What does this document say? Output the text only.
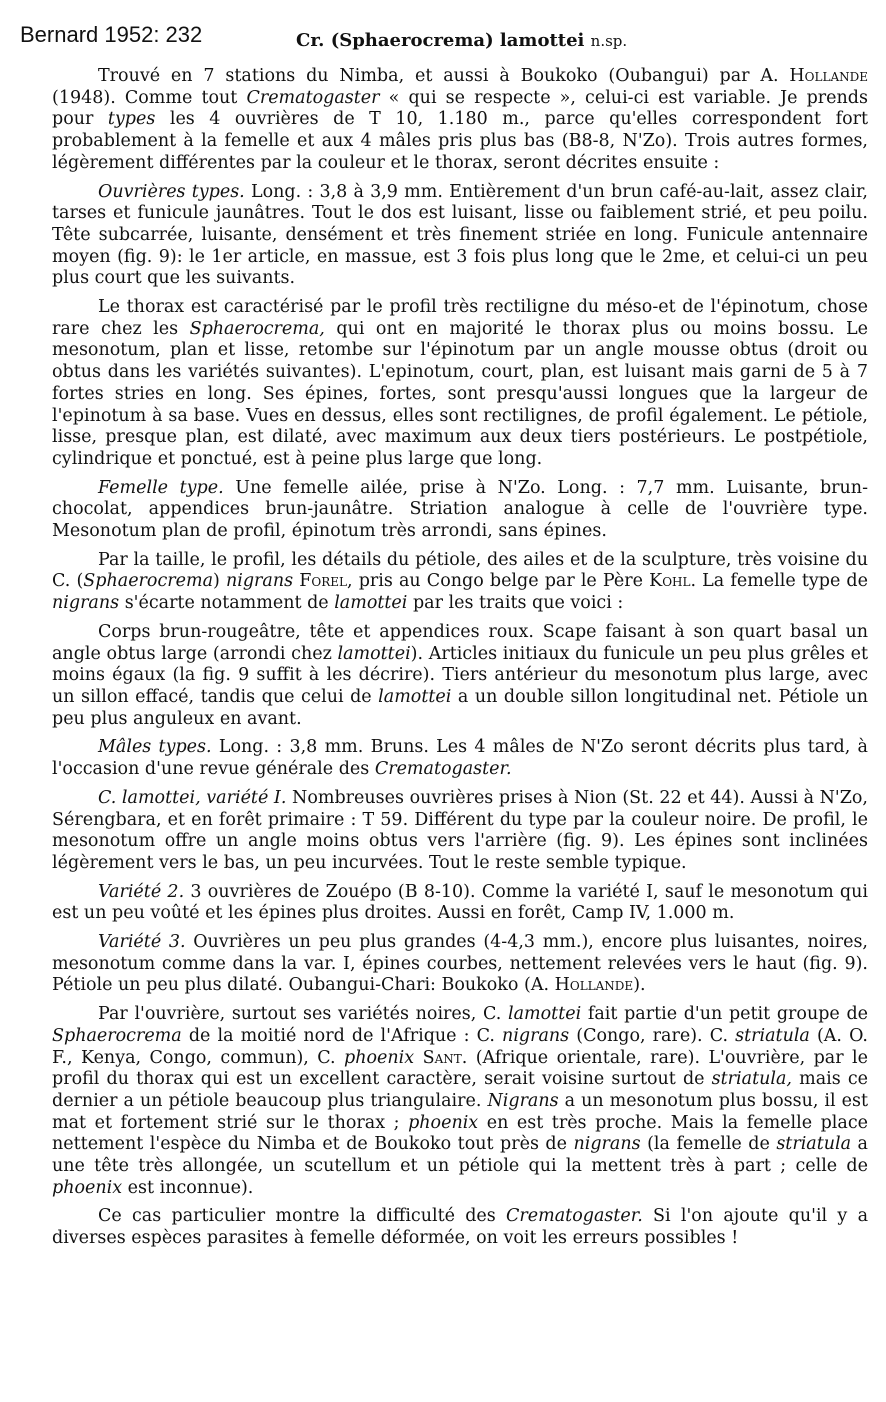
Bernard 1952: 232	Cr. (Sphaerocrema) lamottei n.sp.

Trouvé en 7 stations du Nimba, et aussi à Boukoko (Oubangui) par A. Hollande (1948). Comme tout Crematogaster « qui se respecte », celui-ci est variable. Je prends pour types les 4 ouvrières de T 10, 1.180 m., parce qu'elles correspondent fort probablement à la femelle et aux 4 mâles pris plus bas (B8-8, N'Zo). Trois autres formes, légèrement différentes par la couleur et le thorax, seront décrites ensuite :

Ouvrières types. Long. : 3,8 à 3,9 mm. Entièrement d'un brun café-au-lait, assez clair, tarses et funicule jaunâtres. Tout le dos est luisant, lisse ou faiblement strié, et peu poilu. Tête subcarrée, luisante, densément et très finement striée en long. Funicule antennaire moyen (fig. 9): le 1er article, en massue, est 3 fois plus long que le 2me, et celui-ci un peu plus court que les suivants.

Le thorax est caractérisé par le profil très rectiligne du méso-et de l'épinotum, chose rare chez les Sphaerocrema, qui ont en majorité le thorax plus ou moins bossu. Le mesonotum, plan et lisse, retombe sur l'épinotum par un angle mousse obtus (droit ou obtus dans les variétés suivantes). L'epinotum, court, plan, est luisant mais garni de 5 à 7 fortes stries en long. Ses épines, fortes, sont presqu'aussi longues que la largeur de l'epinotum à sa base. Vues en dessus, elles sont rectilignes, de profil également. Le pétiole, lisse, presque plan, est dilaté, avec maximum aux deux tiers postérieurs. Le postpétiole, cylindrique et ponctué, est à peine plus large que long.

Femelle type. Une femelle ailée, prise à N'Zo. Long. : 7,7 mm. Luisante, brun-chocolat, appendices brun-jaunâtre. Striation analogue à celle de l'ouvrière type. Mesonotum plan de profil, épinotum très arrondi, sans épines.

Par la taille, le profil, les détails du pétiole, des ailes et de la sculpture, très voisine du C. (Sphaerocrema) nigrans Forel, pris au Congo belge par le Père Kohl. La femelle type de nigrans s'écarte notamment de lamottei par les traits que voici :

Corps brun-rougeâtre, tête et appendices roux. Scape faisant à son quart basal un angle obtus large (arrondi chez lamottei). Articles initiaux du funicule un peu plus grêles et moins égaux (la fig. 9 suffit à les décrire). Tiers antérieur du mesonotum plus large, avec un sillon effacé, tandis que celui de lamottei a un double sillon longitudinal net. Pétiole un peu plus anguleux en avant.

Mâles types. Long. : 3,8 mm. Bruns. Les 4 mâles de N'Zo seront décrits plus tard, à l'occasion d'une revue générale des Crematogaster.

C. lamottei, variété I. Nombreuses ouvrières prises à Nion (St. 22 et 44). Aussi à N'Zo, Sérengbara, et en forêt primaire : T 59. Différent du type par la couleur noire. De profil, le mesonotum offre un angle moins obtus vers l'arrière (fig. 9). Les épines sont inclinées légèrement vers le bas, un peu incurvées. Tout le reste semble typique.

Variété 2. 3 ouvrières de Zouépo (B 8-10). Comme la variété I, sauf le mesonotum qui est un peu voûté et les épines plus droites. Aussi en forêt, Camp IV, 1.000 m.

Variété 3. Ouvrières un peu plus grandes (4-4,3 mm.), encore plus luisantes, noires, mesonotum comme dans la var. I, épines courbes, nettement relevées vers le haut (fig. 9). Pétiole un peu plus dilaté. Oubangui-Chari: Boukoko (A. Hollande).

Par l'ouvrière, surtout ses variétés noires, C. lamottei fait partie d'un petit groupe de Sphaerocrema de la moitié nord de l'Afrique : C. nigrans (Congo, rare). C. striatula (A. O. F., Kenya, Congo, commun), C. phoenix Sant. (Afrique orientale, rare). L'ouvrière, par le profil du thorax qui est un excellent caractère, serait voisine surtout de striatula, mais ce dernier a un pétiole beaucoup plus triangulaire. Nigrans a un mesonotum plus bossu, il est mat et fortement strié sur le thorax ; phoenix en est très proche. Mais la femelle place nettement l'espèce du Nimba et de Boukoko tout près de nigrans (la femelle de striatula a une tête très allongée, un scutellum et un pétiole qui la mettent très à part ; celle de phoenix est inconnue).

Ce cas particulier montre la difficulté des Crematogaster. Si l'on ajoute qu'il y a diverses espèces parasites à femelle déformée, on voit les erreurs possibles !
